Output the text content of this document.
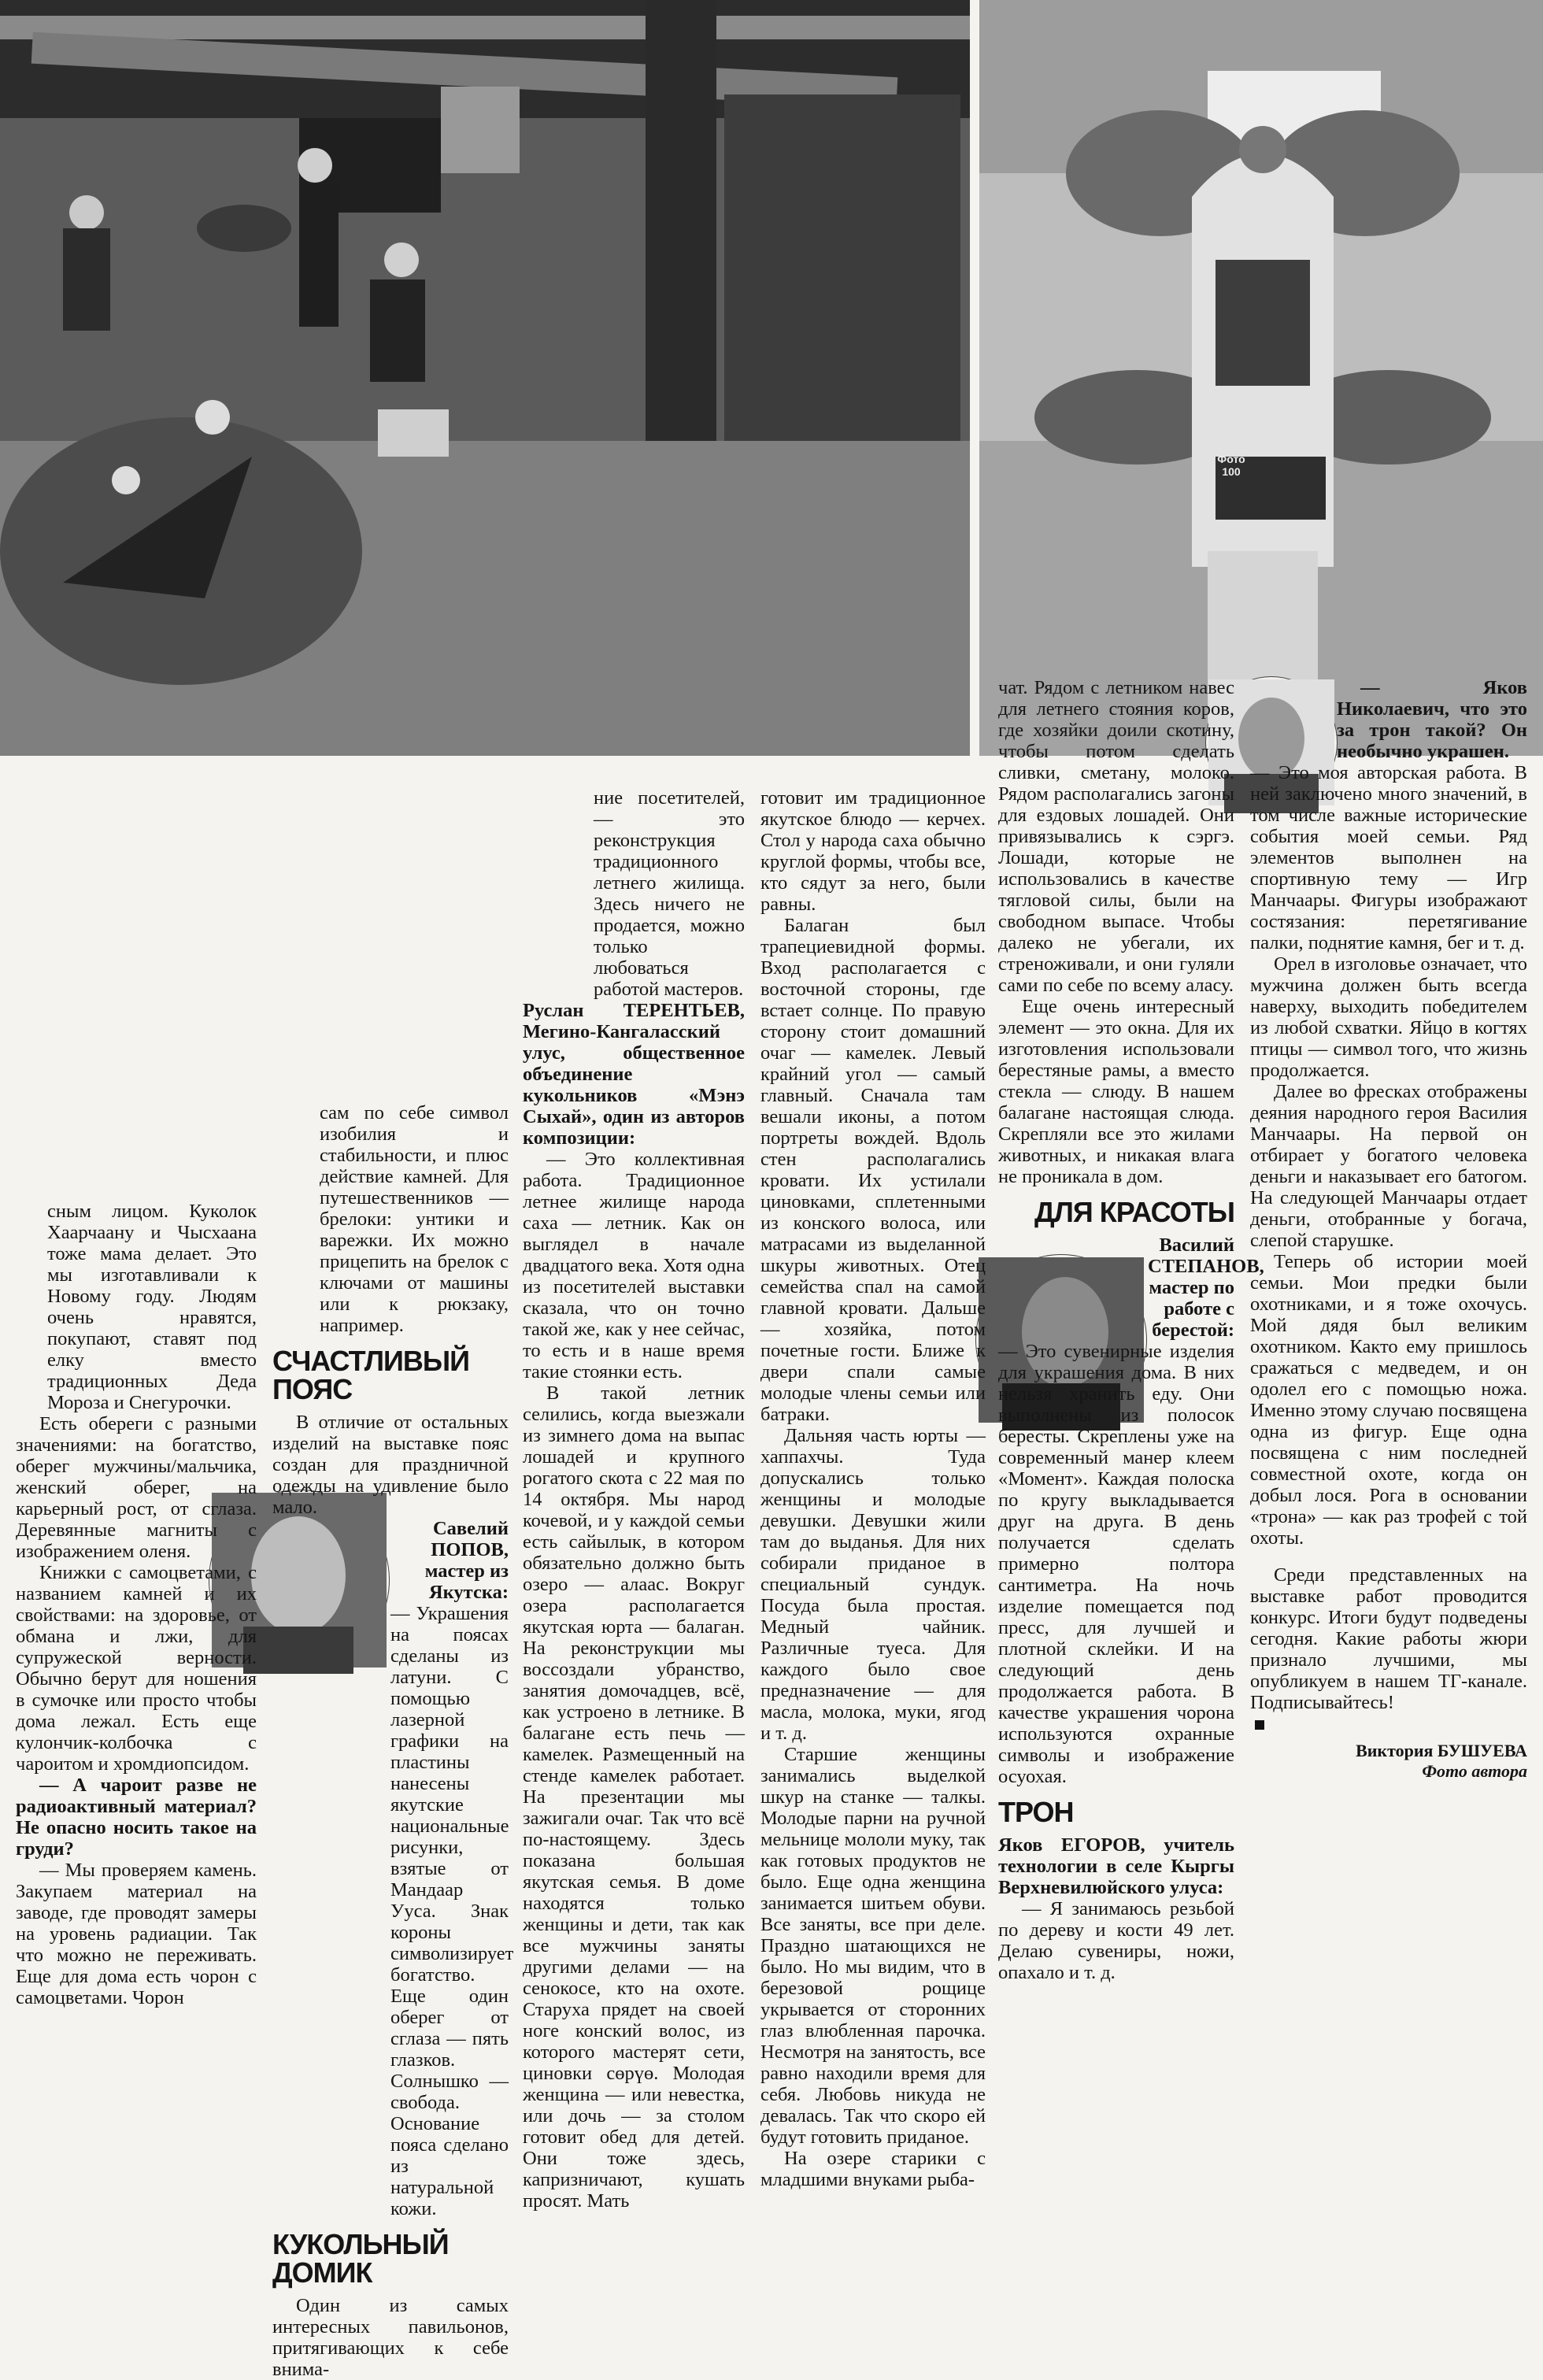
Фото
100

сным лицом. Куколок Хаарчаану и Чысхаана тоже мама делает. Это мы изготавливали к Новому году. Людям очень нравятся, покупают, ставят под елку вместо традиционных Деда Мороза и Снегурочки.

Есть обереги с разными значениями: на богатство, оберег мужчины/мальчика, женский оберег, на карьерный рост, от сглаза. Деревянные магниты с изображением оленя.

Книжки с самоцветами, с названием камней и их свойствами: на здоровье, от обмана и лжи, для супружеской верности. Обычно берут для ношения в сумочке или просто чтобы дома лежал. Есть еще кулончик-колбочка с чароитом и хромдиопсидом.

— А чароит разве не радиоактивный материал? Не опасно носить такое на груди?

— Мы проверяем камень. Закупаем материал на заводе, где проводят замеры на уровень радиации. Так что можно не переживать. Еще для дома есть чорон с самоцветами. Чорон

сам по себе символ изобилия и стабильности, и плюс действие камней. Для путешественников — брелоки: унтики и варежки. Их можно прицепить на брелок с ключами от машины или к рюкзаку, например.

СЧАСТЛИВЫЙ ПОЯС

В отличие от остальных изделий на выставке пояс создан для праздничной одежды на удивление было мало.

Савелий ПОПОВ, мастер из Якутска:

— Украшения на поясах сделаны из латуни. С помощью лазерной графики на пластины нанесены якутские национальные рисунки, взятые от Мандаар Ууса. Знак короны символизирует богатство. Еще один оберег от сглаза — пять глазков. Солнышко — свобода. Основание пояса сделано из натуральной кожи.

КУКОЛЬНЫЙ ДОМИК

Один из самых интересных павильонов, притягивающих к себе внима-

ние посетителей, — это реконструкция традиционного летнего жилища. Здесь ничего не продается, можно только любоваться работой мастеров.

Руслан ТЕРЕНТЬЕВ, Мегино-Кангаласский улус, общественное объединение кукольников «Мэнэ Сыхай», один из авторов композиции:

— Это коллективная работа. Традиционное летнее жилище народа саха — летник. Как он выглядел в начале двадцатого века. Хотя одна из посетителей выставки сказала, что он точно такой же, как у нее сейчас, то есть и в наше время такие стоянки есть.

В такой летник селились, когда выезжали из зимнего дома на выпас лошадей и крупного рогатого скота с 22 мая по 14 октября. Мы народ кочевой, и у каждой семьи есть сайылык, в котором обязательно должно быть озеро — алаас. Вокруг озера располагается якутская юрта — балаган. На реконструкции мы воссоздали убранство, занятия домочадцев, всё, как устроено в летнике. В балагане есть печь — камелек. Размещенный на стенде камелек работает. На презентации мы зажигали очаг. Так что всё по-настоящему. Здесь показана большая якутская семья. В доме находятся только женщины и дети, так как все мужчины заняты другими делами — на сенокосе, кто на охоте. Старуха прядет на своей ноге конский волос, из которого мастерят сети, циновки сөрүө. Молодая женщина — или невестка, или дочь — за столом готовит обед для детей. Они тоже здесь, капризничают, кушать просят. Мать

готовит им традиционное якутское блюдо — керчех. Стол у народа саха обычно круглой формы, чтобы все, кто сядут за него, были равны.

Балаган был трапециевидной формы. Вход располагается с восточной стороны, где встает солнце. По правую сторону стоит домашний очаг — камелек. Левый крайний угол — самый главный. Сначала там вешали иконы, а потом портреты вождей. Вдоль стен располагались кровати. Их устилали циновками, сплетенными из конского волоса, или матрасами из выделанной шкуры животных. Отец семейства спал на самой главной кровати. Дальше — хозяйка, потом почетные гости. Ближе к двери спали самые молодые члены семьи или батраки.

Дальняя часть юрты — хаппахчы. Туда допускались только женщины и молодые девушки. Девушки жили там до выданья. Для них собирали приданое в специальный сундук. Посуда была простая. Медный чайник. Различные туеса. Для каждого было свое предназначение — для масла, молока, муки, ягод и т. д.

Старшие женщины занимались выделкой шкур на станке — талкы. Молодые парни на ручной мельнице мололи муку, так как готовых продуктов не было. Еще одна женщина занимается шитьем обуви. Все заняты, все при деле. Праздно шатающихся не было. Но мы видим, что в березовой рощице укрывается от сторонних глаз влюбленная парочка. Несмотря на занятость, все равно находили время для себя. Любовь никуда не девалась. Так что скоро ей будут готовить приданое.

На озере старики с младшими внуками рыба-

чат. Рядом с летником навес для летнего стояния коров, где хозяйки доили скотину, чтобы потом сделать сливки, сметану, молоко. Рядом располагались загоны для ездовых лошадей. Они привязывались к сэргэ. Лошади, которые не использовались в качестве тягловой силы, были на свободном выпасе. Чтобы далеко не убегали, их стреноживали, и они гуляли сами по себе по всему аласу.

Еще очень интересный элемент — это окна. Для их изготовления использовали берестяные рамы, а вместо стекла — слюду. В нашем балагане настоящая слюда. Скрепляли все это жилами животных, и никакая влага не проникала в дом.

ДЛЯ КРАСОТЫ

Василий СТЕПАНОВ, мастер по работе с берестой:

— Это сувенирные изделия для украшения дома. В них нельзя хранить еду. Они выполнены из полосок бересты. Скреплены уже на современный манер клеем «Момент». Каждая полоска по кругу выкладывается друг на друга. В день получается сделать примерно полтора сантиметра. На ночь изделие помещается под пресс, для лучшей и плотной склейки. И на следующий день продолжается работа. В качестве украшения чорона используются охранные символы и изображение осуохая.

ТРОН

Яков ЕГОРОВ, учитель технологии в селе Кыргы Верхневилюйского улуса:

— Я занимаюсь резьбой по дереву и кости 49 лет. Делаю сувениры, ножи, опахало и т. д.

— Яков Николаевич, что это за трон такой? Он необычно украшен.

— Это моя авторская работа. В ней заключено много значений, в том числе важные исторические события моей семьи. Ряд элементов выполнен на спортивную тему — Игр Манчаары. Фигуры изображают состязания: перетягивание палки, поднятие камня, бег и т. д.

Орел в изголовье означает, что мужчина должен быть всегда наверху, выходить победителем из любой схватки. Яйцо в когтях птицы — символ того, что жизнь продолжается.

Далее во фресках отображены деяния народного героя Василия Манчаары. На первой он отбирает у богатого человека деньги и наказывает его батогом. На следующей Манчаары отдает деньги, отобранные у богача, слепой старушке.

Теперь об истории моей семьи. Мои предки были охотниками, и я тоже охочусь. Мой дядя был великим охотником. Както ему пришлось сражаться с медведем, и он одолел его с помощью ножа. Именно этому случаю посвящена одна из фигур. Еще одна посвящена с ним последней совместной охоте, когда он добыл лося. Рога в основании «трона» — как раз трофей с той охоты.

Среди представленных на выставке работ проводится конкурс. Итоги будут подведены сегодня. Какие работы жюри признало лучшими, мы опубликуем в нашем ТГ-канале. Подписывайтесь!

Виктория БУШУЕВА

Фото автора
